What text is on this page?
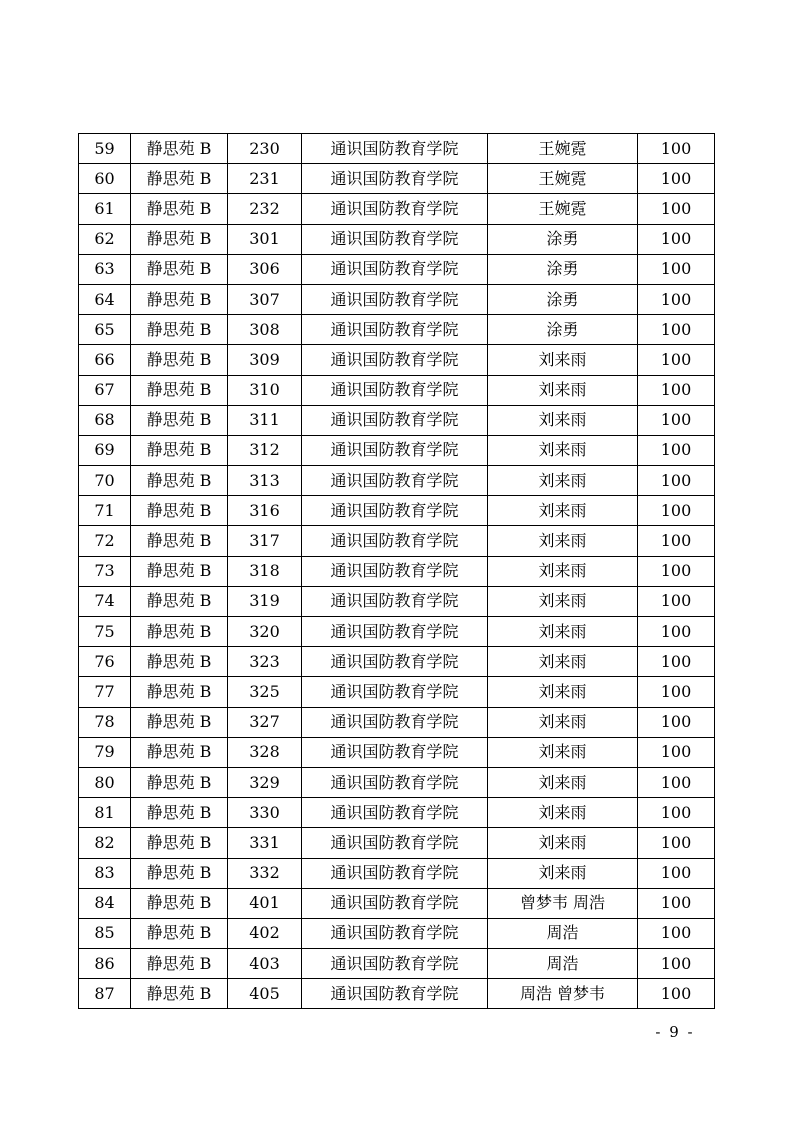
59	静思苑 B	230	通识国防教育学院	王婉霓	100
60	静思苑 B	231	通识国防教育学院	王婉霓	100
61	静思苑 B	232	通识国防教育学院	王婉霓	100
62	静思苑 B	301	通识国防教育学院	涂勇	100
63	静思苑 B	306	通识国防教育学院	涂勇	100
64	静思苑 B	307	通识国防教育学院	涂勇	100
65	静思苑 B	308	通识国防教育学院	涂勇	100
66	静思苑 B	309	通识国防教育学院	刘来雨	100
67	静思苑 B	310	通识国防教育学院	刘来雨	100
68	静思苑 B	311	通识国防教育学院	刘来雨	100
69	静思苑 B	312	通识国防教育学院	刘来雨	100
70	静思苑 B	313	通识国防教育学院	刘来雨	100
71	静思苑 B	316	通识国防教育学院	刘来雨	100
72	静思苑 B	317	通识国防教育学院	刘来雨	100
73	静思苑 B	318	通识国防教育学院	刘来雨	100
74	静思苑 B	319	通识国防教育学院	刘来雨	100
75	静思苑 B	320	通识国防教育学院	刘来雨	100
76	静思苑 B	323	通识国防教育学院	刘来雨	100
77	静思苑 B	325	通识国防教育学院	刘来雨	100
78	静思苑 B	327	通识国防教育学院	刘来雨	100
79	静思苑 B	328	通识国防教育学院	刘来雨	100
80	静思苑 B	329	通识国防教育学院	刘来雨	100
81	静思苑 B	330	通识国防教育学院	刘来雨	100
82	静思苑 B	331	通识国防教育学院	刘来雨	100
83	静思苑 B	332	通识国防教育学院	刘来雨	100
84	静思苑 B	401	通识国防教育学院	曾梦韦 周浩	100
85	静思苑 B	402	通识国防教育学院	周浩	100
86	静思苑 B	403	通识国防教育学院	周浩	100
87	静思苑 B	405	通识国防教育学院	周浩 曾梦韦	100
- 9 -
